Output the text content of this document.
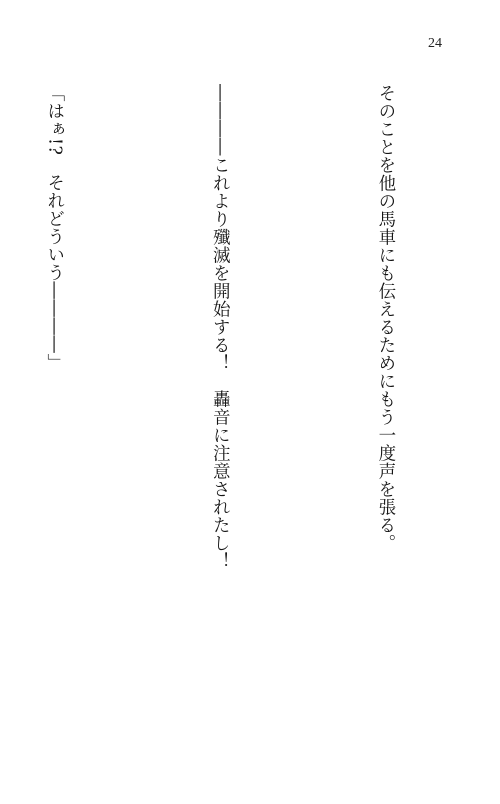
24

そのことを他の馬車にも伝えるためにもう一度声を張る。

――――これより殲滅を開始する！　轟音に注意されたし！

「はぁ!?　それどういう――――」
